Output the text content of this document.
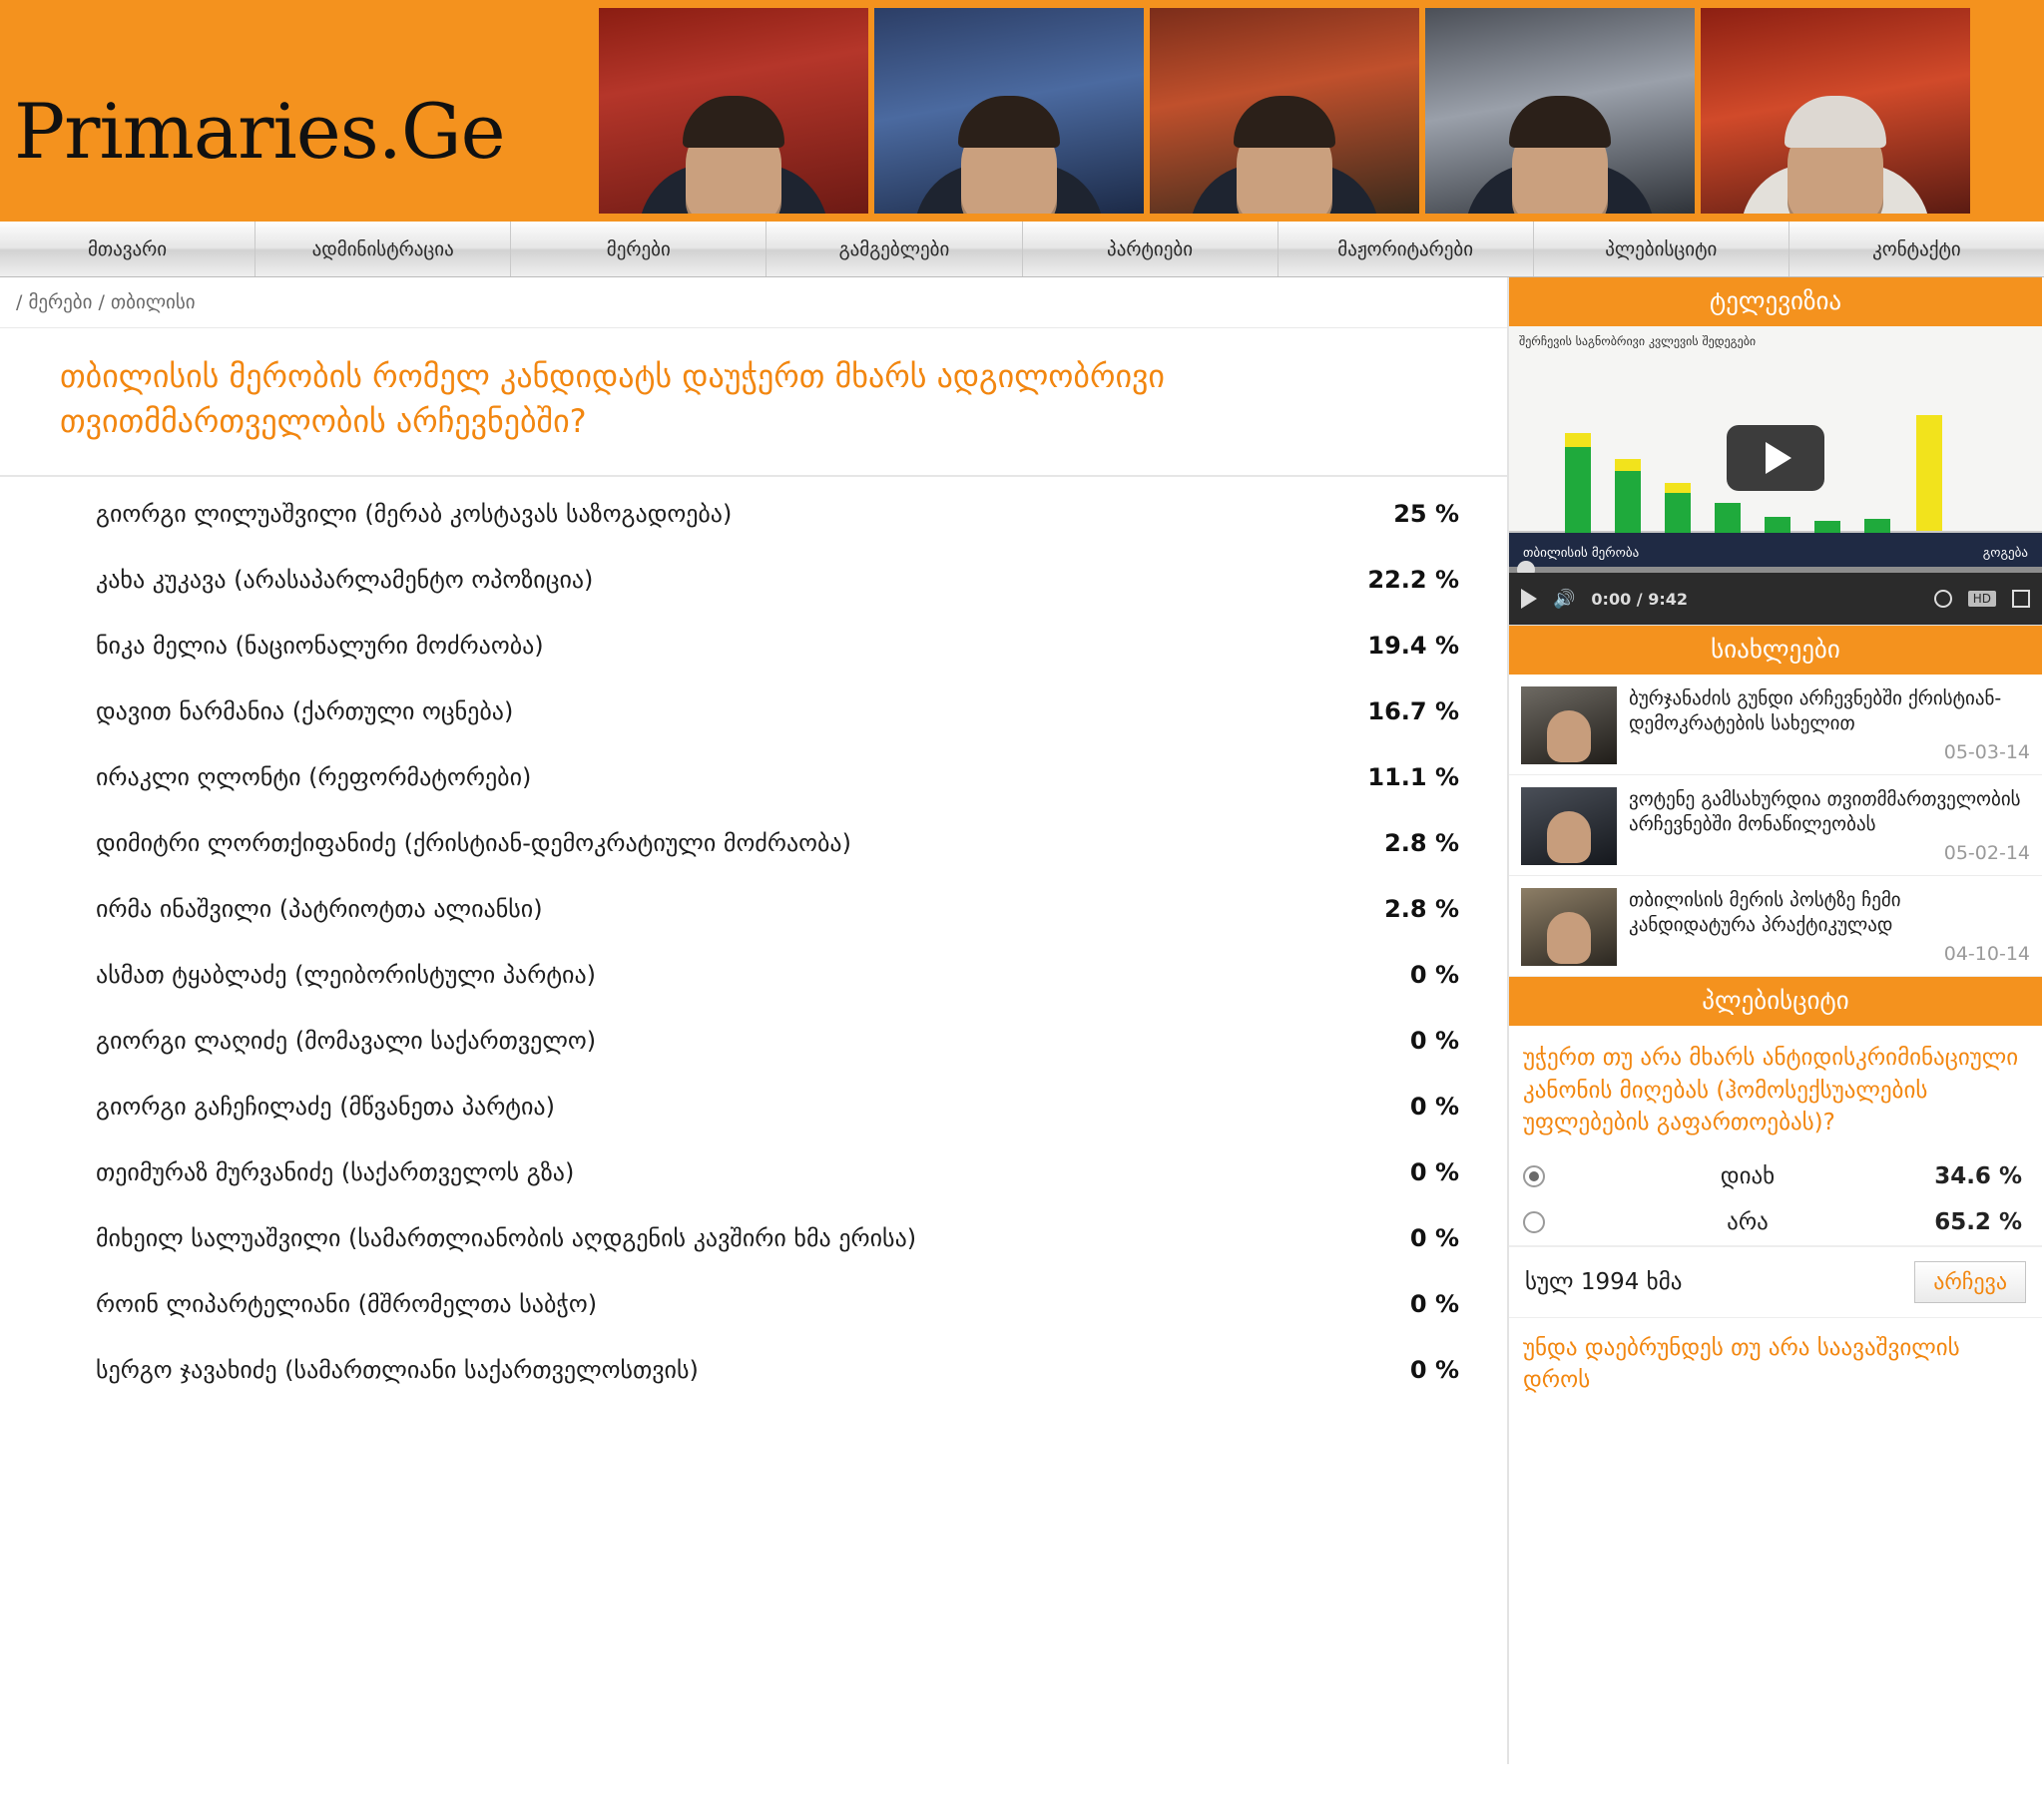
Primaries.Ge
მთავარი	ადმინისტრაცია	მერები	გამგებლები	პარტიები	მაჟორიტარები	პლებისციტი	კონტაქტი
/ მერები / თბილისი
თბილისის მერობის რომელ კანდიდატს დაუჭერთ მხარს ადგილობრივი თვითმმართველობის არჩევნებში?
გიორგი ლილუაშვილი (მერაბ კოსტავას საზოგადოება)	25 %
კახა კუკავა (არასაპარლამენტო ოპოზიცია)	22.2 %
ნიკა მელია (ნაციონალური მოძრაობა)	19.4 %
დავით ნარმანია (ქართული ოცნება)	16.7 %
ირაკლი ღლონტი (რეფორმატორები)	11.1 %
დიმიტრი ლორთქიფანიძე (ქრისტიან-დემოკრატიული მოძრაობა)	2.8 %
ირმა ინაშვილი (პატრიოტთა ალიანსი)	2.8 %
ასმათ ტყაბლაძე (ლეიბორისტული პარტია)	0 %
გიორგი ლაღიძე (მომავალი საქართველო)	0 %
გიორგი გაჩეჩილაძე (მწვანეთა პარტია)	0 %
თეიმურაზ მურვანიძე (საქართველოს გზა)	0 %
მიხეილ სალუაშვილი (სამართლიანობის აღდგენის კავშირი ხმა ერისა)	0 %
როინ ლიპარტელიანი (მშრომელთა საბჭო)	0 %
სერგო ჯავახიძე (სამართლიანი საქართველოსთვის)	0 %
ტელევიზია
შერჩევის საგნობრივი კვლევის შედეგები
თბილისის მერობა	გოგება
🔊 0:00 / 9:42	HD
სიახლეები
ბურჯანაძის გუნდი არჩევნებში ქრისტიან-დემოკრატების სახელით
05-03-14
ვოტენე გამსახურდია თვითმმართველობის არჩევნებში მონაწილეობას
05-02-14
თბილისის მერის პოსტზე ჩემი კანდიდატურა პრაქტიკულად
04-10-14
პლებისციტი
უჭერთ თუ არა მხარს ანტიდისკრიმინაციული კანონის მიღებას (ჰომოსექსუალების უფლებების გაფართოებას)?
დიახ	34.6 %
არა	65.2 %
სულ 1994 ხმა	არჩევა
უნდა დაებრუნდეს თუ არა საავაშვილის დროს
